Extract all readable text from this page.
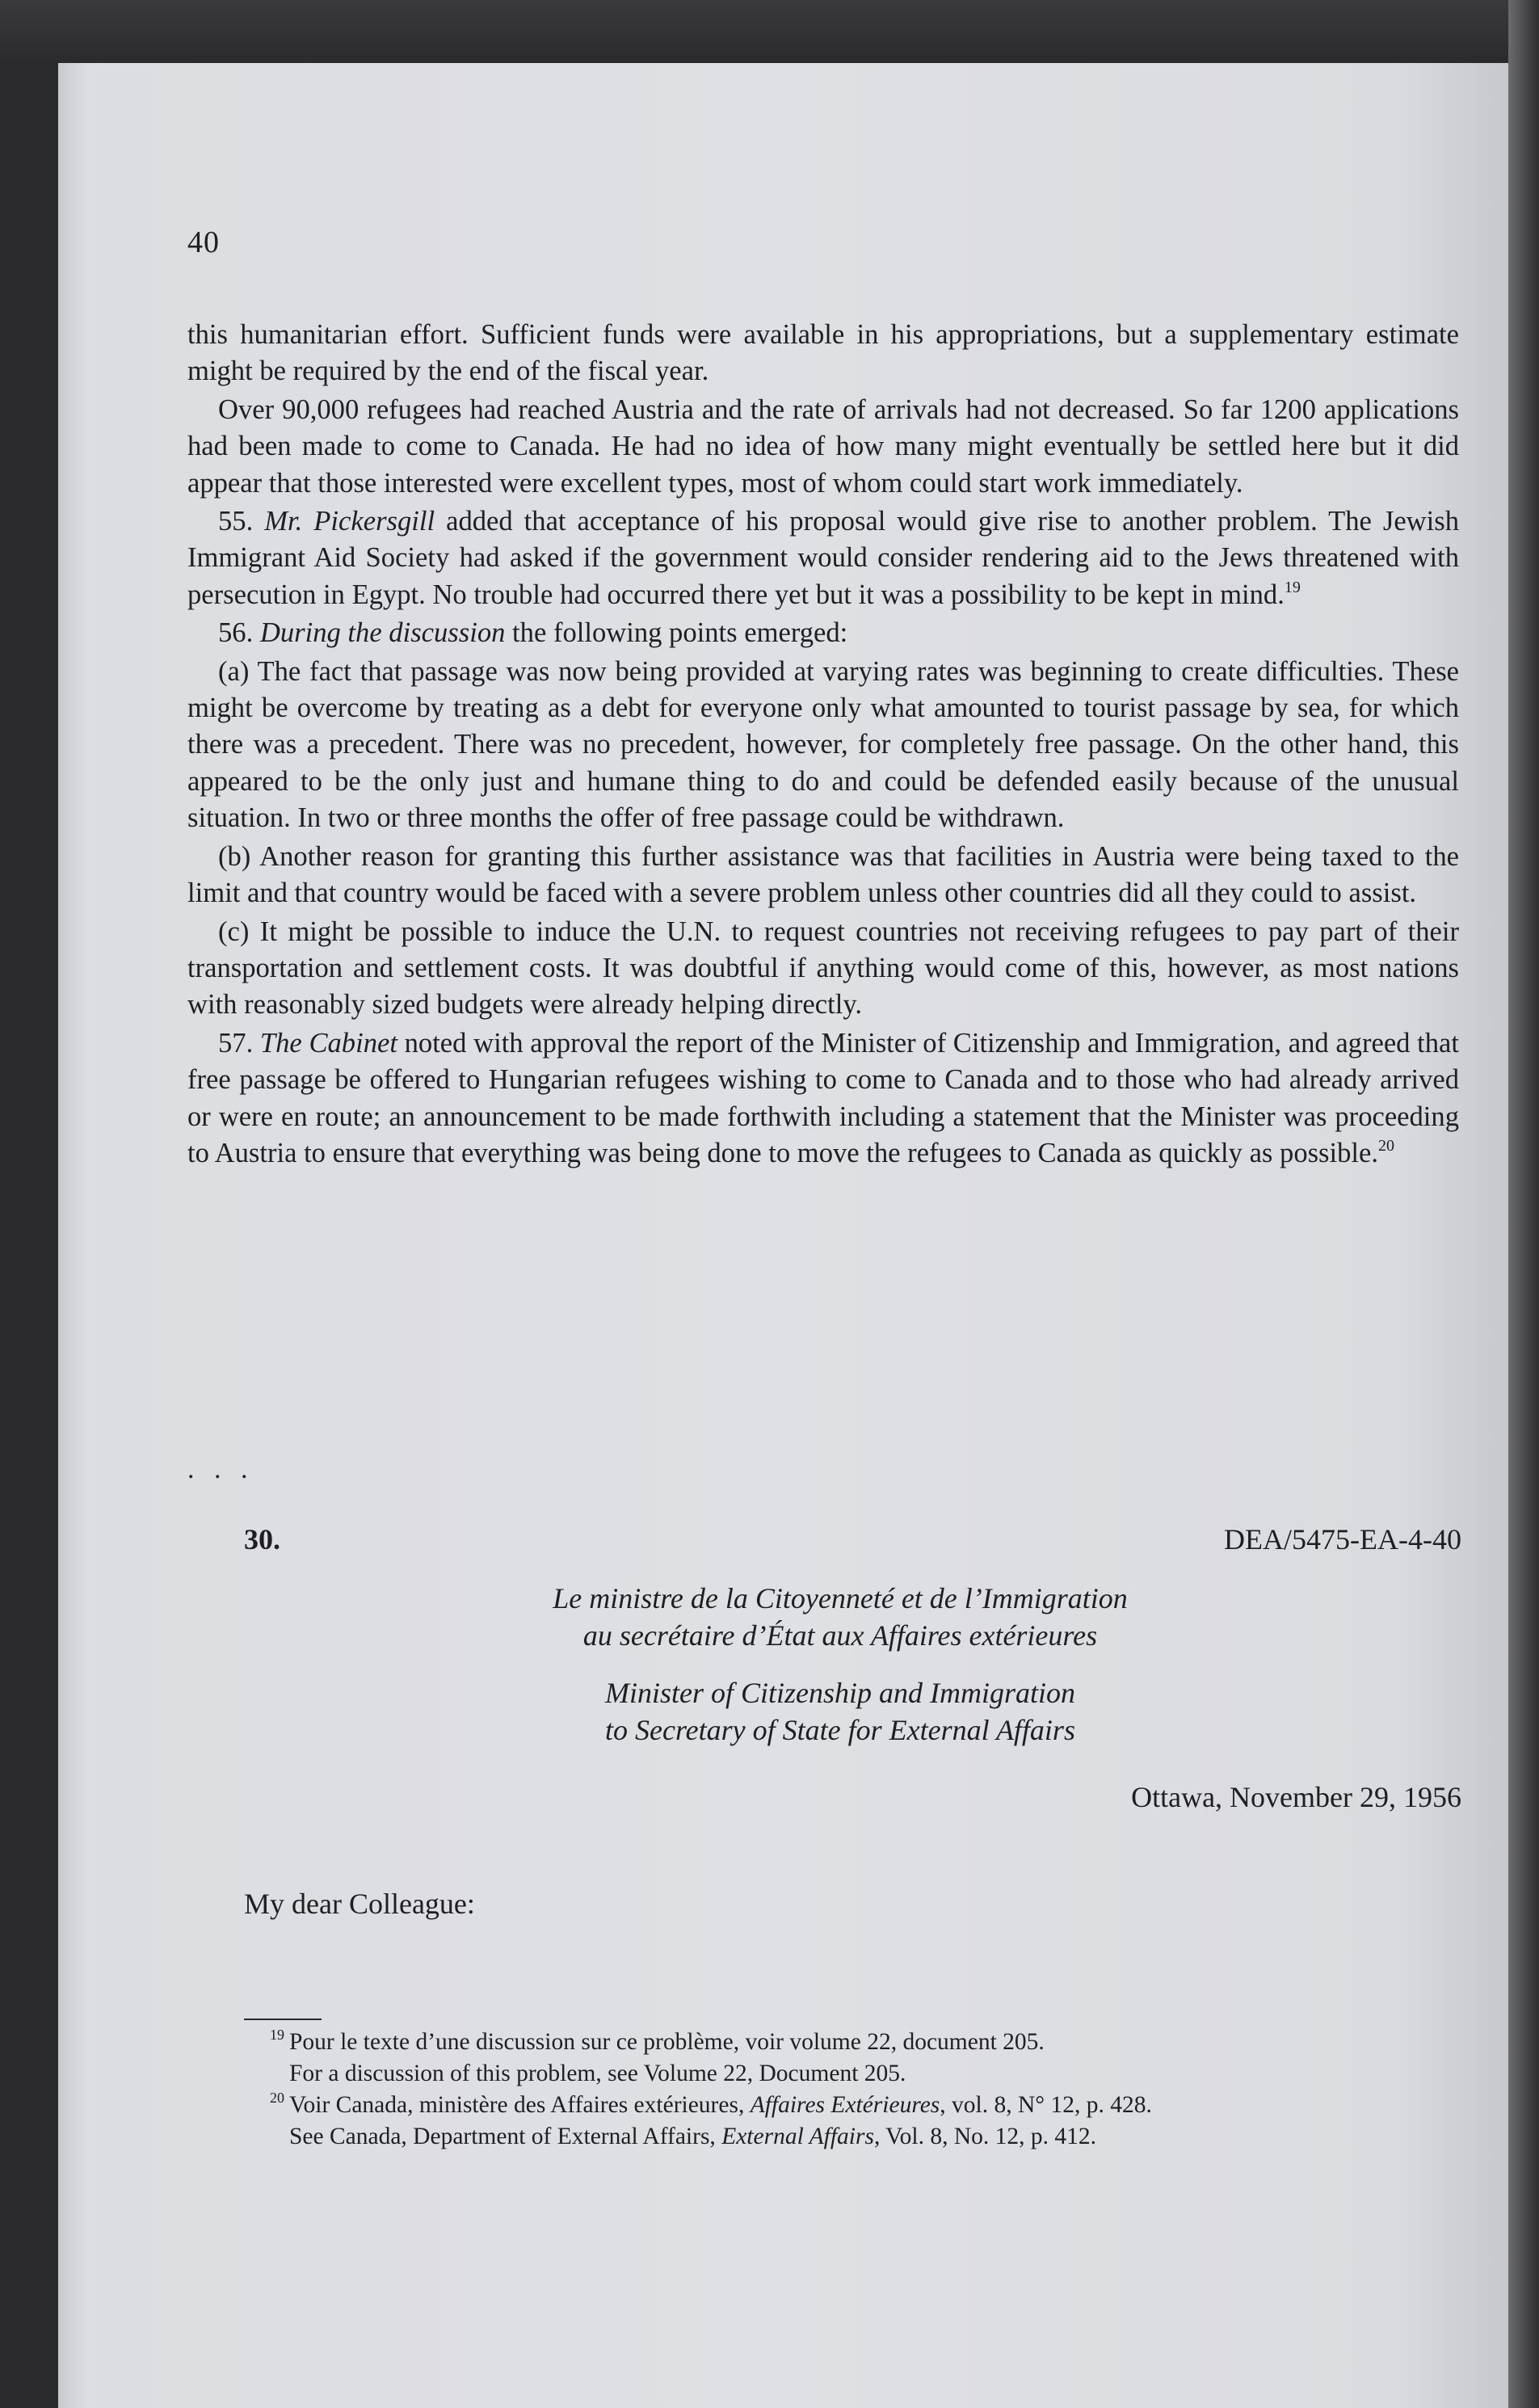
40

this humanitarian effort. Sufficient funds were available in his appropriations, but a supplementary estimate might be required by the end of the fiscal year.

Over 90,000 refugees had reached Austria and the rate of arrivals had not decreased. So far 1200 applications had been made to come to Canada. He had no idea of how many might eventually be settled here but it did appear that those interested were excellent types, most of whom could start work immediately.

55. Mr. Pickersgill added that acceptance of his proposal would give rise to another problem. The Jewish Immigrant Aid Society had asked if the government would consider rendering aid to the Jews threatened with persecution in Egypt. No trouble had occurred there yet but it was a possibility to be kept in mind.$^{19}$

56. During the discussion the following points emerged:

(a) The fact that passage was now being provided at varying rates was beginning to create difficulties. These might be overcome by treating as a debt for everyone only what amounted to tourist passage by sea, for which there was a precedent. There was no precedent, however, for completely free passage. On the other hand, this appeared to be the only just and humane thing to do and could be defended easily because of the unusual situation. In two or three months the offer of free passage could be withdrawn.

(b) Another reason for granting this further assistance was that facilities in Austria were being taxed to the limit and that country would be faced with a severe problem unless other countries did all they could to assist.

(c) It might be possible to induce the U.N. to request countries not receiving refugees to pay part of their transportation and settlement costs. It was doubtful if anything would come of this, however, as most nations with reasonably sized budgets were already helping directly.

57. The Cabinet noted with approval the report of the Minister of Citizenship and Immigration, and agreed that free passage be offered to Hungarian refugees wishing to come to Canada and to those who had already arrived or were en route; an announcement to be made forthwith including a statement that the Minister was proceeding to Austria to ensure that everything was being done to move the refugees to Canada as quickly as possible.$^{20}$

. . .
30.	DEA/5475-EA-4-40
Le ministre de la Citoyenneté et de l’Immigration
au secrétaire d’État aux Affaires extérieures
Minister of Citizenship and Immigration
to Secretary of State for External Affairs
Ottawa, November 29, 1956
My dear Colleague:
$^{19}$ Pour le texte d’une discussion sur ce problème, voir volume 22, document 205.
For a discussion of this problem, see Volume 22, Document 205.
$^{20}$ Voir Canada, ministère des Affaires extérieures, Affaires Extérieures, vol. 8, N° 12, p. 428.
See Canada, Department of External Affairs, External Affairs, Vol. 8, No. 12, p. 412.
